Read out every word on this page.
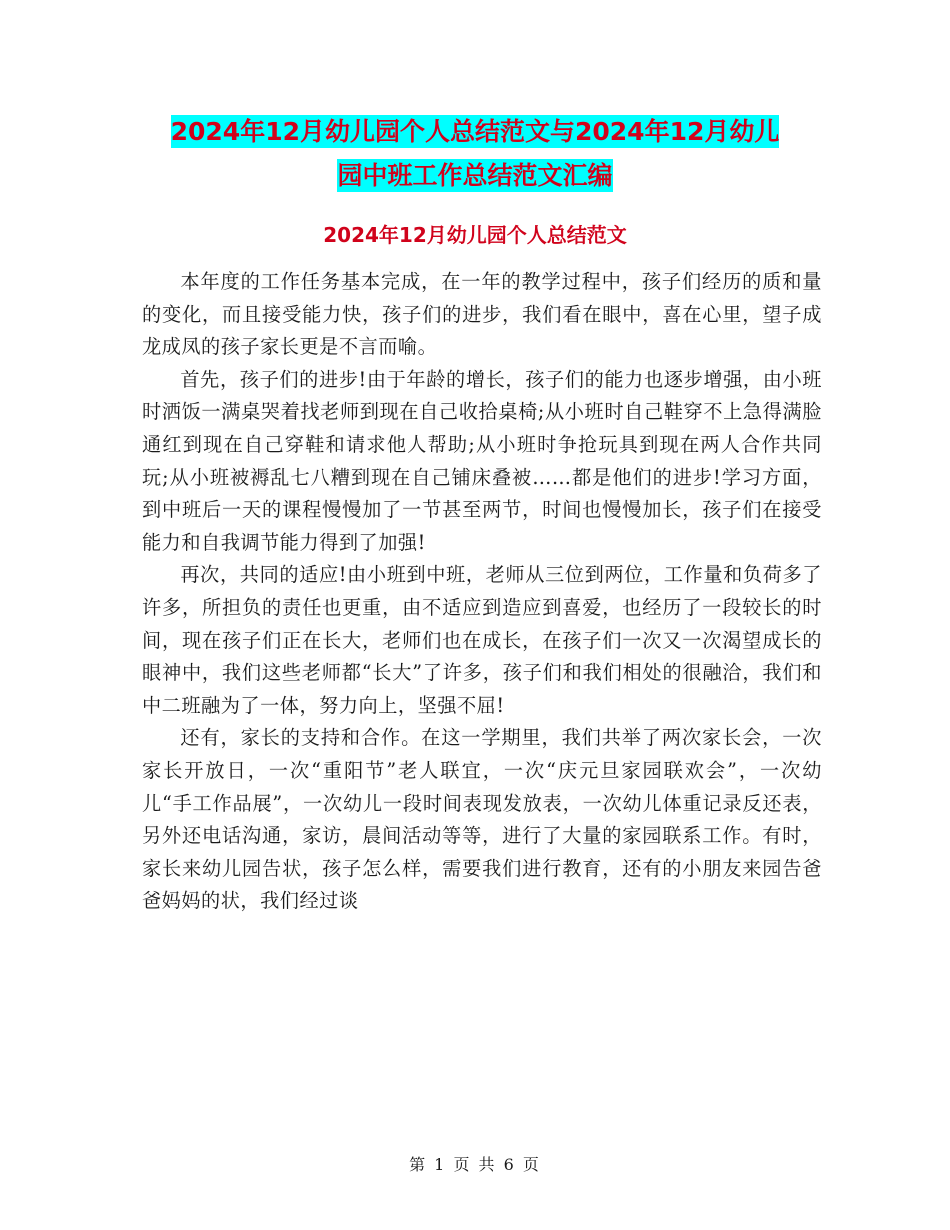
2024年12月幼儿园个人总结范文与2024年12月幼儿
园中班工作总结范文汇编
2024年12月幼儿园个人总结范文

本年度的工作任务基本完成，在一年的教学过程中，孩子们经历的质和量的变化，而且接受能力快，孩子们的进步，我们看在眼中，喜在心里，望子成龙成凤的孩子家长更是不言而喻。

首先，孩子们的进步!由于年龄的增长，孩子们的能力也逐步增强，由小班时洒饭一满桌哭着找老师到现在自己收拾桌椅;从小班时自己鞋穿不上急得满脸通红到现在自己穿鞋和请求他人帮助;从小班时争抢玩具到现在两人合作共同玩;从小班被褥乱七八糟到现在自己铺床叠被……都是他们的进步!学习方面，到中班后一天的课程慢慢加了一节甚至两节，时间也慢慢加长，孩子们在接受能力和自我调节能力得到了加强!

再次，共同的适应!由小班到中班，老师从三位到两位，工作量和负荷多了许多，所担负的责任也更重，由不适应到造应到喜爱，也经历了一段较长的时间，现在孩子们正在长大，老师们也在成长，在孩子们一次又一次渴望成长的眼神中，我们这些老师都“长大”了许多，孩子们和我们相处的很融洽，我们和中二班融为了一体，努力向上，坚强不屈!

还有，家长的支持和合作。在这一学期里，我们共举了两次家长会，一次家长开放日，一次“重阳节”老人联宜，一次“庆元旦家园联欢会”，一次幼儿“手工作品展”，一次幼儿一段时间表现发放表，一次幼儿体重记录反还表，另外还电话沟通，家访，晨间活动等等，进行了大量的家园联系工作。有时，家长来幼儿园告状，孩子怎么样，需要我们进行教育，还有的小朋友来园告爸爸妈妈的状，我们经过谈

第 1 页 共 6 页
